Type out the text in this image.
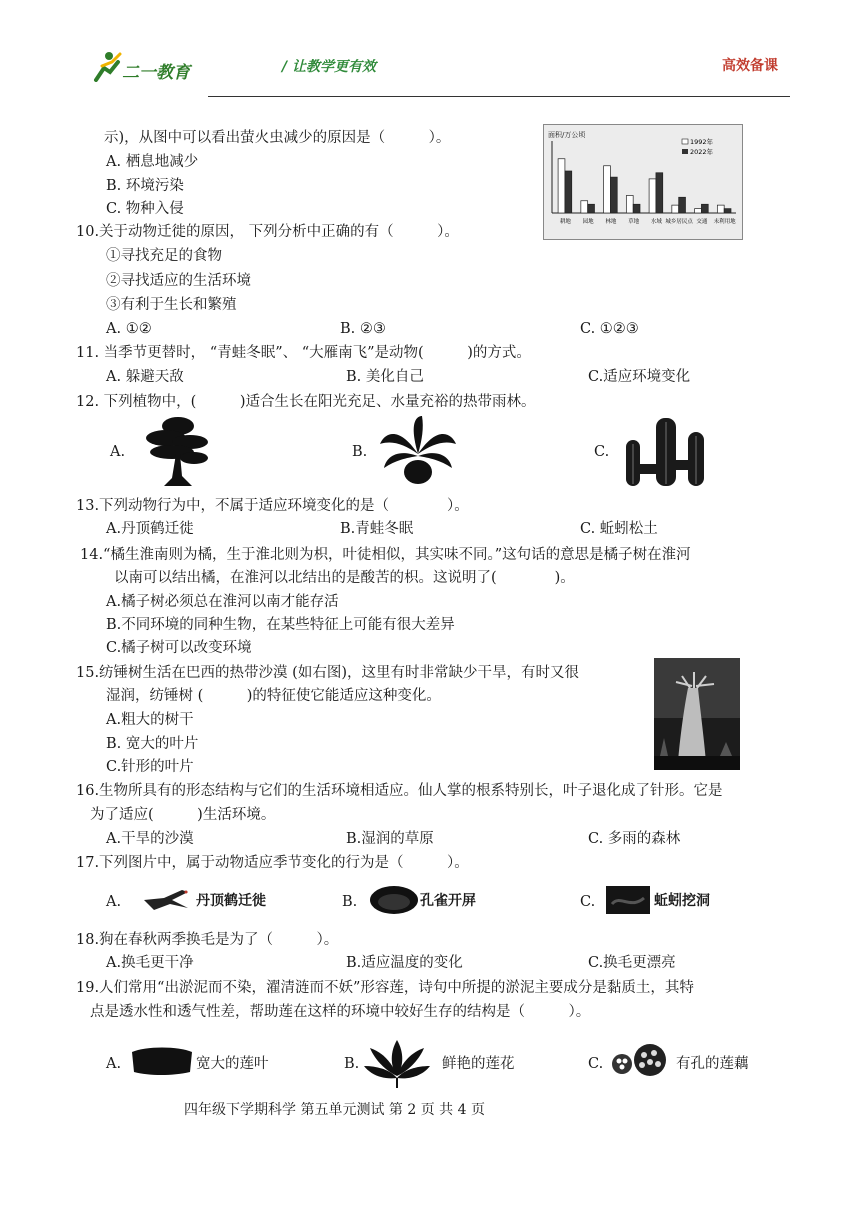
二一教育	/ 让教学更有效	高效备课
面积/万公顷
耕地 园地 林地 草地 水域 城乡居民点 交通 未利用地
1992年
2022年
示)，从图中可以看出萤火虫减少的原因是（　　　）。
A. 栖息地减少
B. 环境污染
C. 物种入侵
10.关于动物迁徙的原因， 下列分析中正确的有（　　　）。
①寻找充足的食物
②寻找适应的生活环境
③有利于生长和繁殖
A. ①②	B. ②③	C. ①②③
11. 当季节更替时， “青蛙冬眠”、 “大雁南飞”是动物(　　　)的方式。
A. 躲避天敌	B. 美化自己	C.适应环境变化
12. 下列植物中，(　　　)适合生长在阳光充足、水量充裕的热带雨林。
A.	B.	C.
13.下列动物行为中，不属于适应环境变化的是（　　　　）。
A.丹顶鹤迁徙	B.青蛙冬眠	C. 蚯蚓松土
14.“橘生淮南则为橘，生于淮北则为枳，叶徒相似，其实味不同。”这句话的意思是橘子树在淮河
以南可以结出橘，在淮河以北结出的是酸苦的枳。这说明了(　　　　)。
A.橘子树必须总在淮河以南才能存活
B.不同环境的同种生物，在某些特征上可能有很大差异
C.橘子树可以改变环境
15.纺锤树生活在巴西的热带沙漠 (如右图)，这里有时非常缺少干旱，有时又很
湿润，纺锤树 (　　　)的特征使它能适应这种变化。
A.粗大的树干
B. 宽大的叶片
C.针形的叶片
16.生物所具有的形态结构与它们的生活环境相适应。仙人掌的根系特别长，叶子退化成了针形。它是
为了适应(　　　)生活环境。
A.干旱的沙漠	B.湿润的草原	C. 多雨的森林
17.下列图片中，属于动物适应季节变化的行为是（　　　）。
A.	丹顶鹤迁徙	B.	孔雀开屏	C.	蚯蚓挖洞
18.狗在春秋两季换毛是为了（　　　）。
A.换毛更干净	B.适应温度的变化	C.换毛更漂亮
19.人们常用“出淤泥而不染，濯清涟而不妖”形容莲，诗句中所提的淤泥主要成分是黏质土，其特
点是透水性和透气性差，帮助莲在这样的环境中较好生存的结构是（　　　）。
A.	宽大的莲叶	B.	鲜艳的莲花	C.	有孔的莲藕
四年级下学期科学 第五单元测试 第 2 页 共 4 页
